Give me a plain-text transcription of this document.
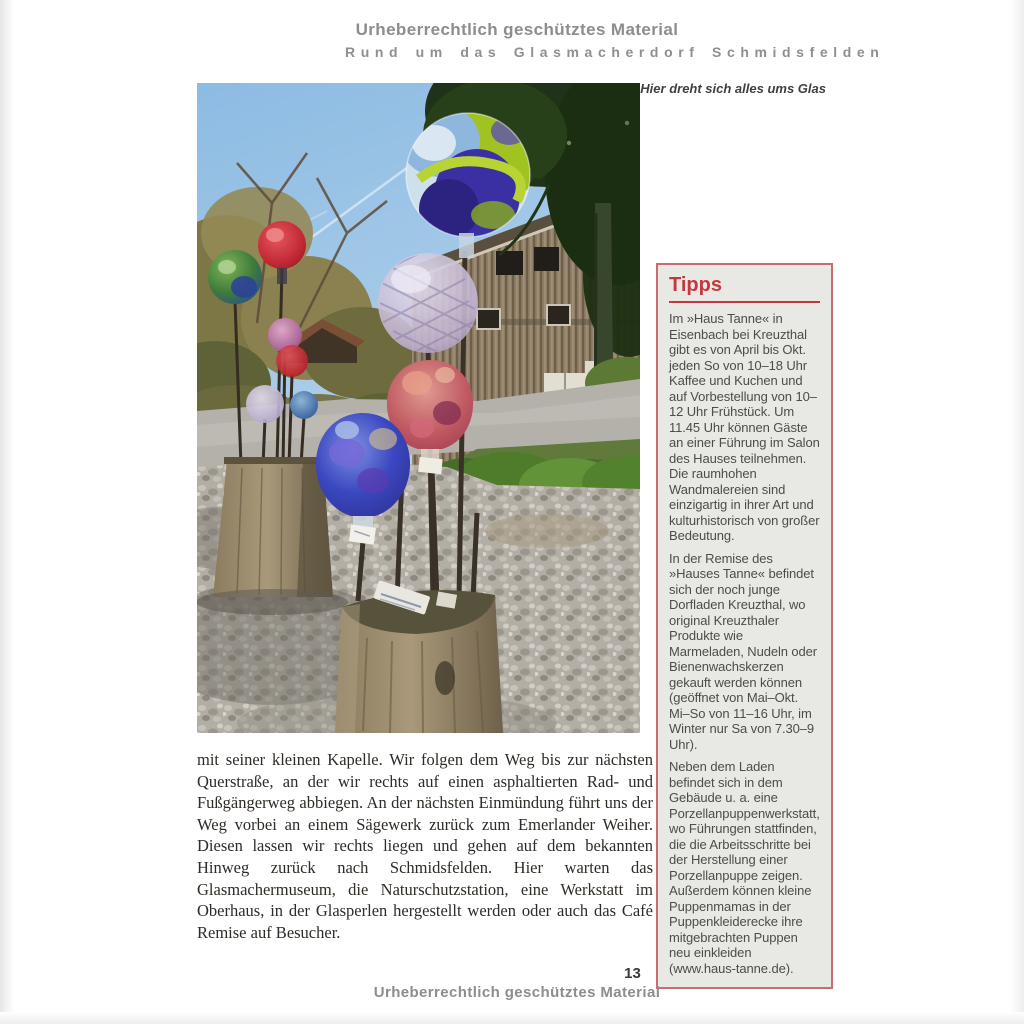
Urheberrechtlich geschütztes Material
Rund um das Glasmacherdorf Schmidsfelden
Hier dreht sich alles ums Glas
Tipps

Im »Haus Tanne« in Eisenbach bei Kreuzthal gibt es von April bis Okt. jeden So von 10–18 Uhr Kaffee und Kuchen und auf Vorbestellung von 10–12 Uhr Frühstück. Um 11.45 Uhr können Gäste an einer Führung im Salon des Hauses teilnehmen. Die raumhohen Wandmalereien sind einzigartig in ihrer Art und kulturhistorisch von großer Bedeutung.

In der Remise des »Hauses Tanne« befindet sich der noch junge Dorfladen Kreuzthal, wo original Kreuzthaler Produkte wie Marmeladen, Nudeln oder Bienenwachskerzen gekauft werden können (geöffnet von Mai–Okt. Mi–So von 11–16 Uhr, im Winter nur Sa von 7.30–9 Uhr).

Neben dem Laden befindet sich in dem Gebäude u. a. eine Porzellanpuppenwerkstatt, wo Führungen stattfinden, die die Arbeitsschritte bei der Herstellung einer Porzellanpuppe zeigen. Außerdem können kleine Puppenmamas in der Puppenkleiderecke ihre mitgebrachten Puppen neu einkleiden (www.haus-tanne.de).

mit seiner kleinen Kapelle. Wir folgen dem Weg bis zur nächsten Querstraße, an der wir rechts auf einen asphaltierten Rad- und Fußgängerweg abbiegen. An der nächsten Einmündung führt uns der Weg vorbei an einem Sägewerk zurück zum Emerlander Weiher. Diesen lassen wir rechts liegen und gehen auf dem bekannten Hinweg zurück nach Schmidsfelden. Hier warten das Glasmachermuseum, die Naturschutzstation, eine Werkstatt im Oberhaus, in der Glasperlen hergestellt werden oder auch das Café Remise auf Besucher.
13
Urheberrechtlich geschütztes Material
